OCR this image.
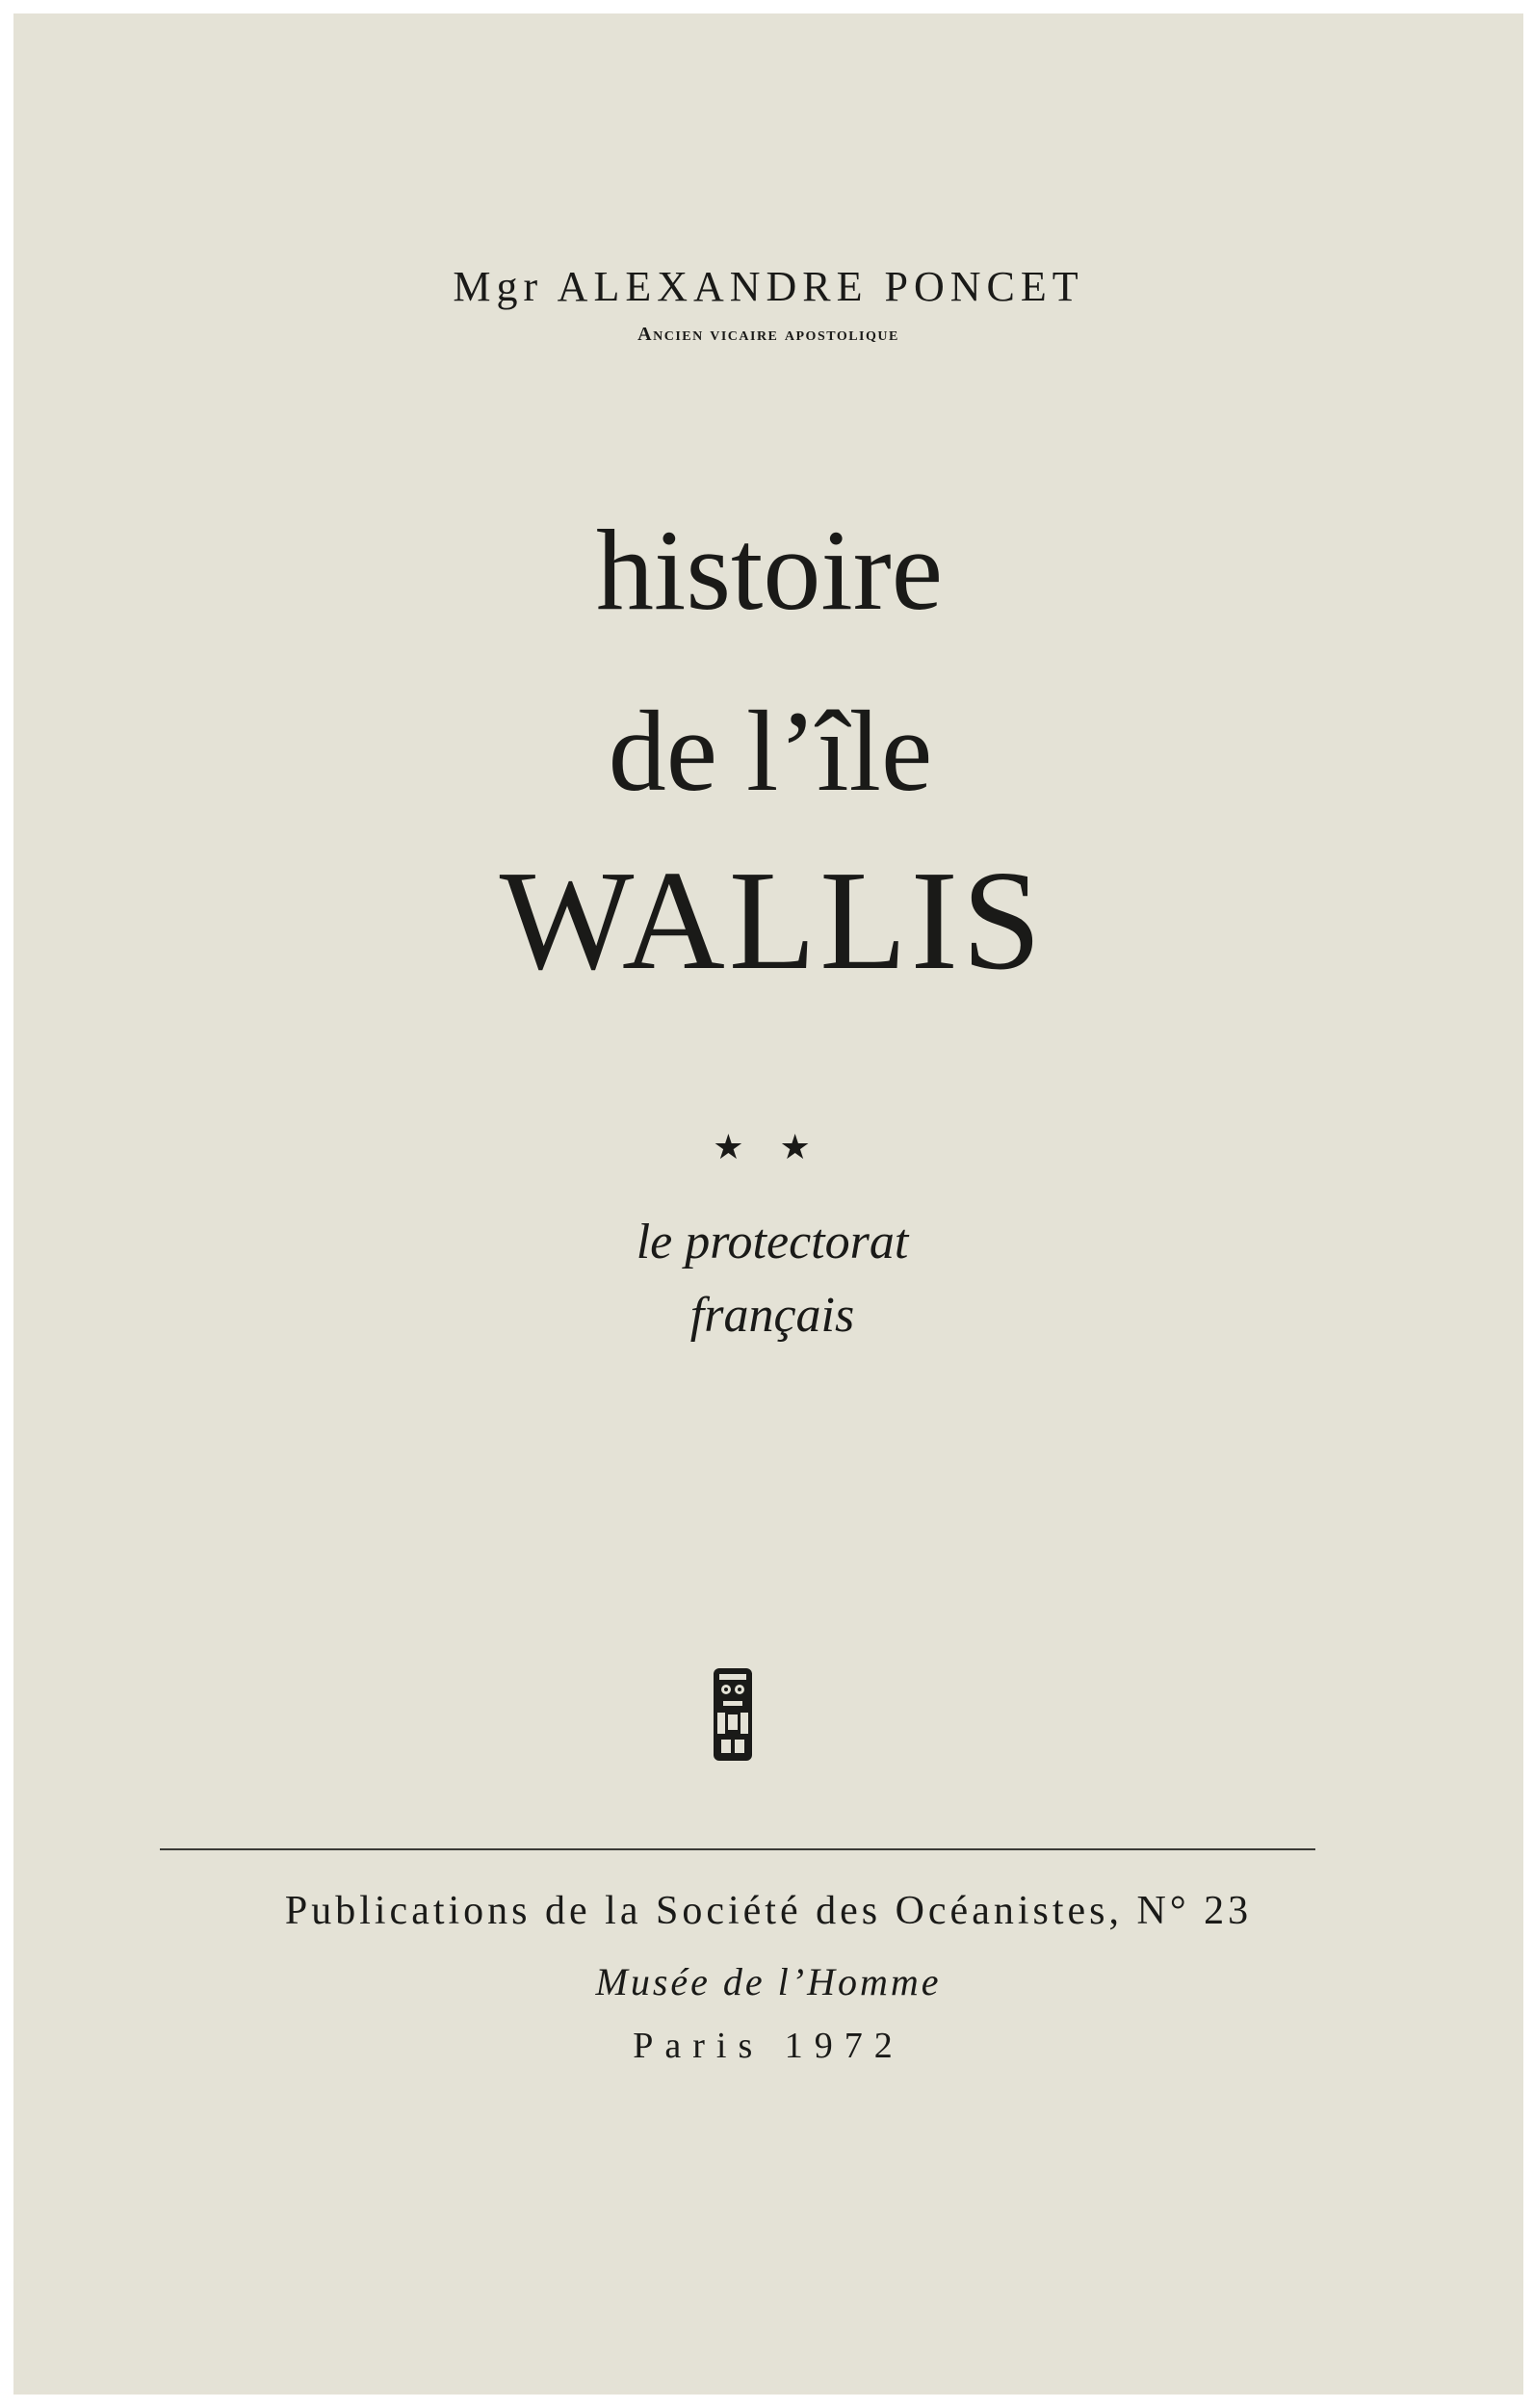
Mgr ALEXANDRE PONCET
Ancien vicaire apostolique
histoire
de l’île
WALLIS
★ ★
le protectorat
français
Publications de la Société des Océanistes, N° 23
Musée de l’Homme
Paris 1972
